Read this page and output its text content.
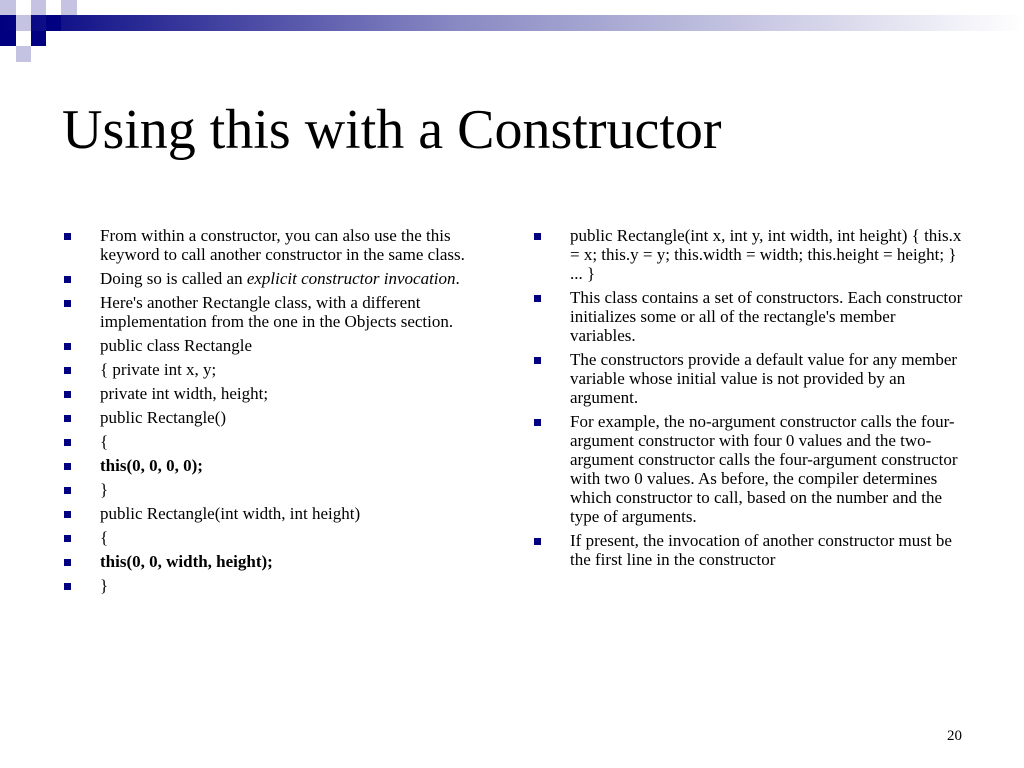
Using this with a Constructor
From within a constructor, you can also use the this keyword to call another constructor in the same class.
Doing so is called an explicit constructor invocation.
Here's another Rectangle class, with a different implementation from the one in the Objects section.
public class Rectangle
{ private int x, y;
private int width, height;
public Rectangle()
{
this(0, 0, 0, 0);
}
public Rectangle(int width, int height)
{
this(0, 0, width, height);
}
public Rectangle(int x, int y, int width, int height) { this.x = x; this.y = y; this.width = width; this.height = height; } ... }
This class contains a set of constructors. Each constructor initializes some or all of the rectangle's member variables.
The constructors provide a default value for any member variable whose initial value is not provided by an argument.
For example, the no-argument constructor calls the four-argument constructor with four 0 values and the two-argument constructor calls the four-argument constructor with two 0 values. As before, the compiler determines which constructor to call, based on the number and the type of arguments.
If present, the invocation of another constructor must be the first line in the constructor
20
